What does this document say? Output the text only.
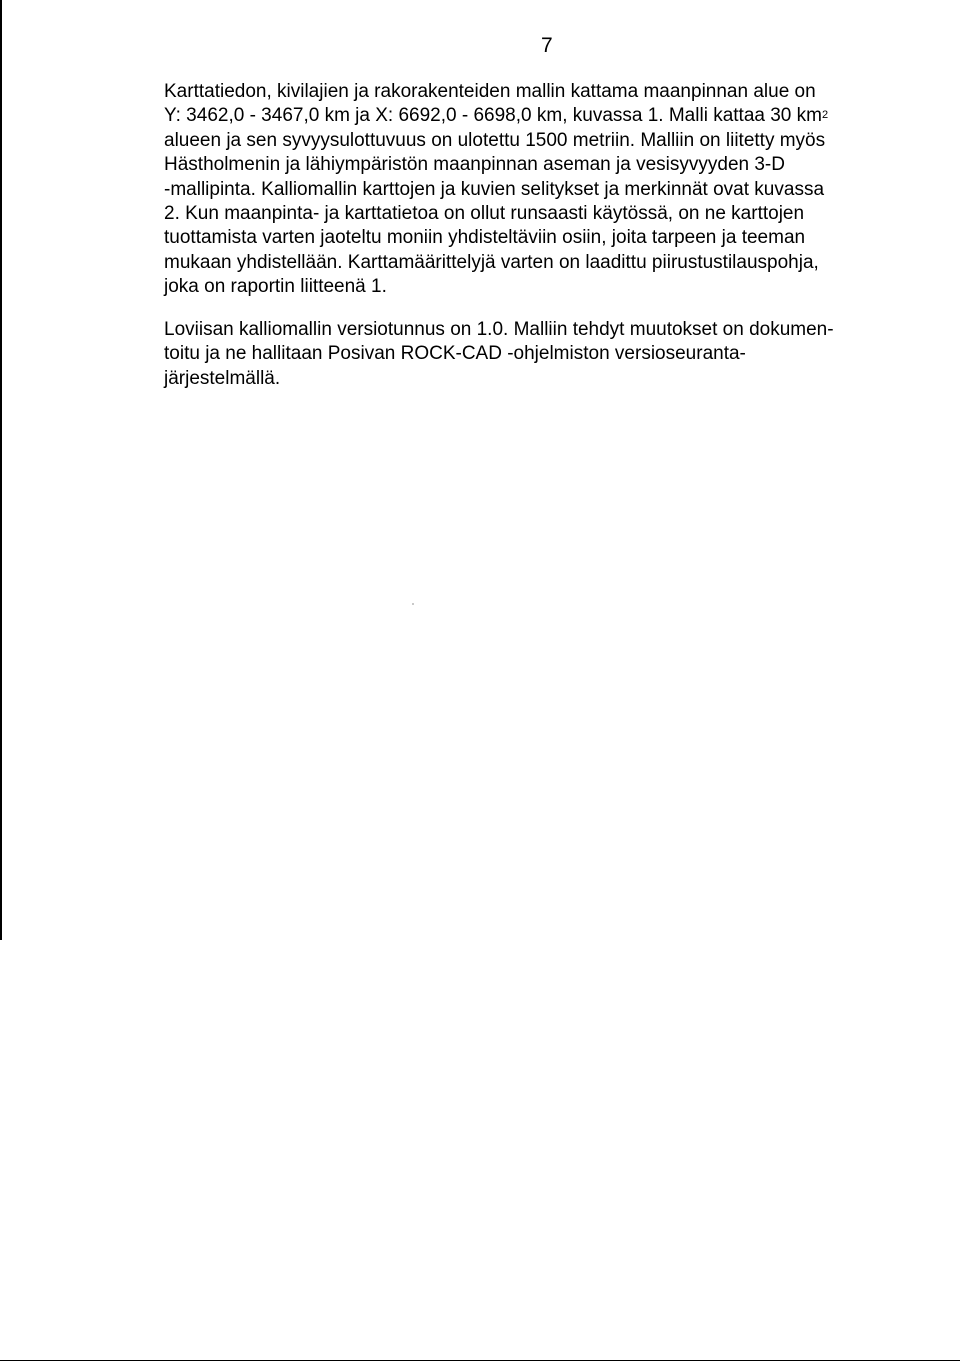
7
Karttatiedon, kivilajien ja rakorakenteiden mallin kattama maanpinnan alue on
Y: 3462,0 - 3467,0 km ja X: 6692,0 - 6698,0 km, kuvassa 1. Malli kattaa 30 $km^2$
alueen ja sen syvyysulottuvuus on ulotettu 1500 metriin. Malliin on liitetty myös
Hästholmenin ja lähiympäristön maanpinnan aseman ja vesisyvyyden 3-D
-mallipinta. Kalliomallin karttojen ja kuvien selitykset ja merkinnät ovat kuvassa
2. Kun maanpinta- ja karttatietoa on ollut runsaasti käytössä, on ne karttojen
tuottamista varten jaoteltu moniin yhdisteltäviin osiin, joita tarpeen ja teeman
mukaan yhdistellään. Karttamäärittelyjä varten on laadittu piirustustilauspohja,
joka on raportin liitteenä 1.
Loviisan kalliomallin versiotunnus on 1.0. Malliin tehdyt muutokset on dokumen-
toitu ja ne hallitaan Posivan ROCK-CAD -ohjelmiston versioseuranta-
järjestelmällä.
